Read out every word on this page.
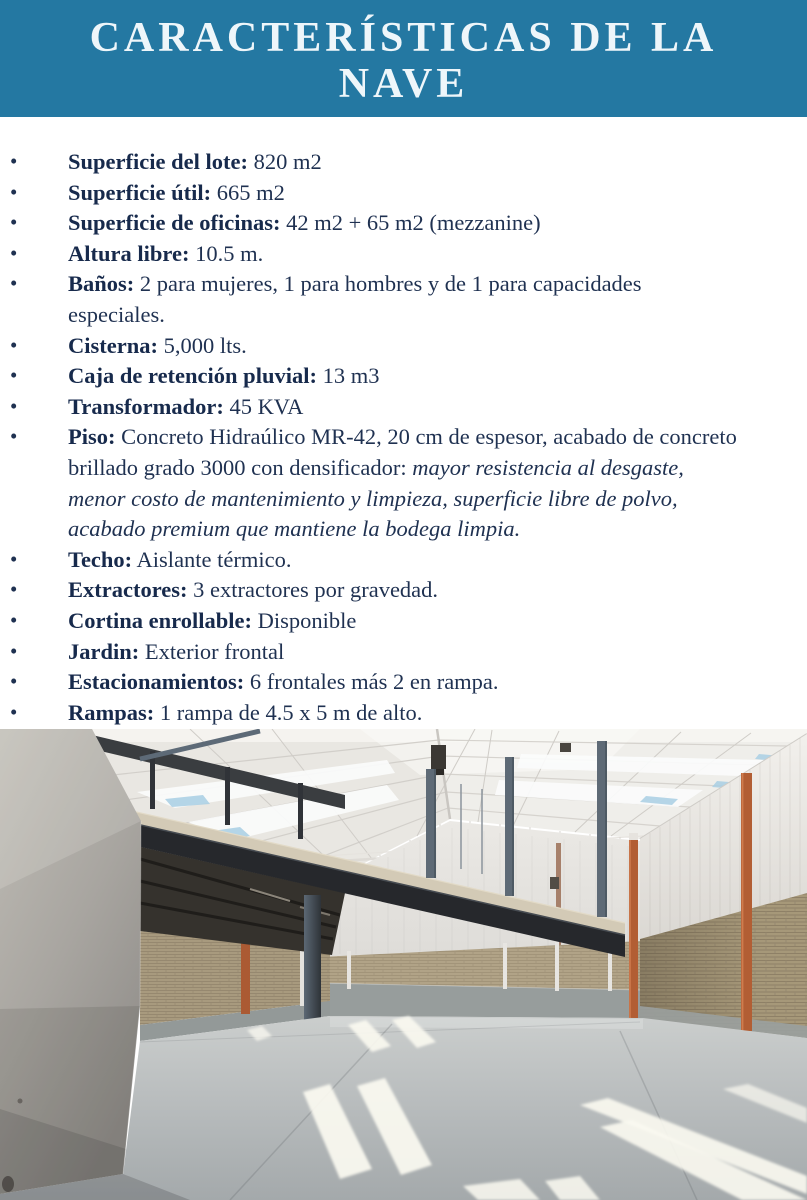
CARACTERÍSTICAS DE LA
NAVE
• Superficie del lote: 820 m2
• Superficie útil: 665 m2
• Superficie de oficinas: 42 m2 + 65 m2 (mezzanine)
• Altura libre: 10.5 m.
• Baños: 2 para mujeres, 1 para hombres y de 1 para capacidades especiales.
• Cisterna: 5,000 lts.
• Caja de retención pluvial: 13 m3
• Transformador: 45 KVA
• Piso: Concreto Hidraúlico MR-42, 20 cm de espesor, acabado de concreto brillado grado 3000 con densificador: mayor resistencia al desgaste, menor costo de mantenimiento y limpieza, superficie libre de polvo, acabado premium que mantiene la bodega limpia.
• Techo: Aislante térmico.
• Extractores: 3 extractores por gravedad.
• Cortina enrollable: Disponible
• Jardin: Exterior frontal
• Estacionamientos: 6 frontales más 2 en rampa.
• Rampas: 1 rampa de 4.5 x 5 m de alto.
